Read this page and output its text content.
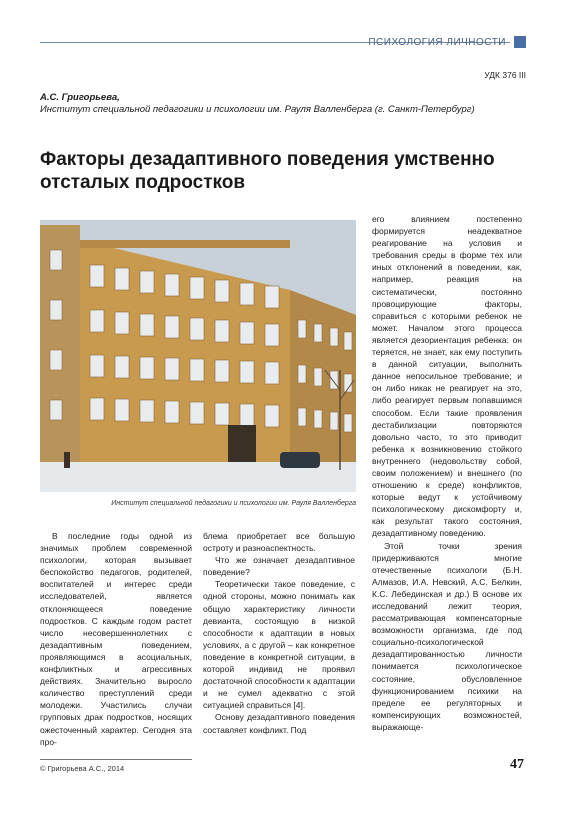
ПСИХОЛОГИЯ ЛИЧНОСТИ
УДК 376 III
А.С. Григорьева,
Институт специальной педагогики и психологии им. Рауля Валленберга (г. Санкт-Петербург)
Факторы дезадаптивного поведения умственно отсталых подростков
Институт специальной педагогики и психологии им. Рауля Валленберга

его влиянием постепенно формируется неадекватное реагирование на условия и требования среды в форме тех или иных отклонений в поведении, как, например, реакция на систематически, постоянно провоцирующие факторы, справиться с которыми ребенок не может. Началом этого процесса является дезориентация ребенка: он теряется, не знает, как ему поступить в данной ситуации, выполнить данное непосильное требование; и он либо никак не реагирует на это, либо реагирует первым попавшимся способом. Если такие проявления дестабилизации повторяются довольно часто, то это приводит ребенка к возникновению стойкого внутреннего (недовольству собой, своим положением) и внешнего (по отношению к среде) конфликтов, которые ведут к устойчивому психологическому дискомфорту и, как результат такого состояния, дезадаптивному поведению.

Этой точки зрения придерживаются многие отечественные психологи (Б.Н. Алмазов, И.А. Невский, А.С. Белкин, К.С. Лебединская и др.) В основе их исследований лежит теория, рассматривающая компенсаторные возможности организма, где под социально-психологической дезадаптированностью личности понимается психологическое состояние, обусловленное функционированием психики на пределе ее регуляторных и компенсирующих возможностей, выражающе-

В последние годы одной из значимых проблем современной психологии, которая вызывает беспокойство педагогов, родителей, воспитателей и интерес среди исследователей, является отклоняющееся поведение подростков. С каждым годом растет число несовершеннолетних с дезадаптивным поведением, проявляющимся в асоциальных, конфликтных и агрессивных действиях. Значительно выросло количество преступлений среди молодежи. Участились случаи групповых драк подростков, носящих ожесточенный характер. Сегодня эта про-

блема приобретает все большую остроту и разноаспектность.

Что же означает дезадаптивное поведение?

Теоретически такое поведение, с одной стороны, можно понимать как общую характеристику личности девианта, состоящую в низкой способности к адаптации в новых условиях, а с другой – как конкретное поведение в конкретной ситуации, в которой индивид не проявил достаточной способности к адаптации и не сумел адекватно с этой ситуацией справиться [4].

Основу дезадаптивного поведения составляет конфликт. Под

© Григорьева А.С., 2014	47
